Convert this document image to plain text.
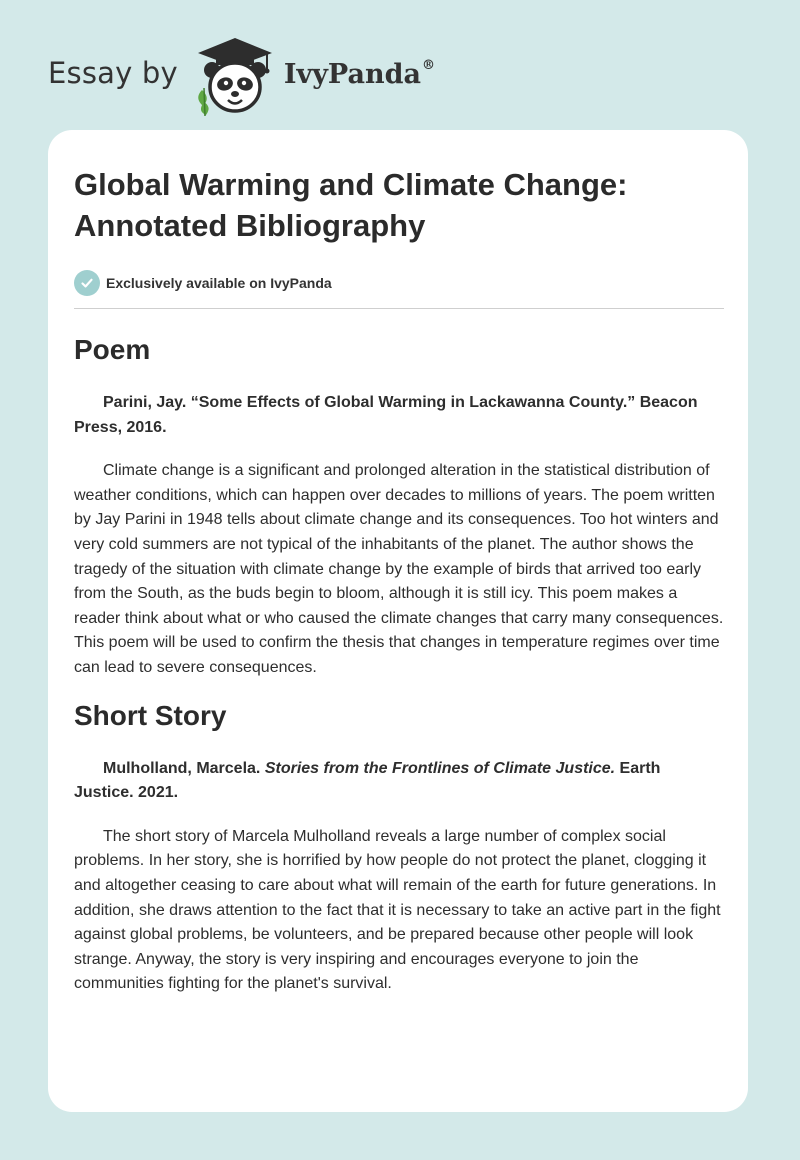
Essay by	IvyPanda®
Global Warming and Climate Change:
Annotated Bibliography
Exclusively available on IvyPanda
Poem

Parini, Jay. “Some Effects of Global Warming in Lackawanna County.” Beacon Press, 2016.

Climate change is a significant and prolonged alteration in the statistical distribution of weather conditions, which can happen over decades to millions of years. The poem written by Jay Parini in 1948 tells about climate change and its consequences. Too hot winters and very cold summers are not typical of the inhabitants of the planet. The author shows the tragedy of the situation with climate change by the example of birds that arrived too early from the South, as the buds begin to bloom, although it is still icy. This poem makes a reader think about what or who caused the climate changes that carry many consequences. This poem will be used to confirm the thesis that changes in temperature regimes over time can lead to severe consequences.

Short Story

Mulholland, Marcela. Stories from the Frontlines of Climate Justice. Earth Justice. 2021.

The short story of Marcela Mulholland reveals a large number of complex social problems. In her story, she is horrified by how people do not protect the planet, clogging it and altogether ceasing to care about what will remain of the earth for future generations. In addition, she draws attention to the fact that it is necessary to take an active part in the fight against global problems, be volunteers, and be prepared because other people will look strange. Anyway, the story is very inspiring and encourages everyone to join the communities fighting for the planet's survival.
